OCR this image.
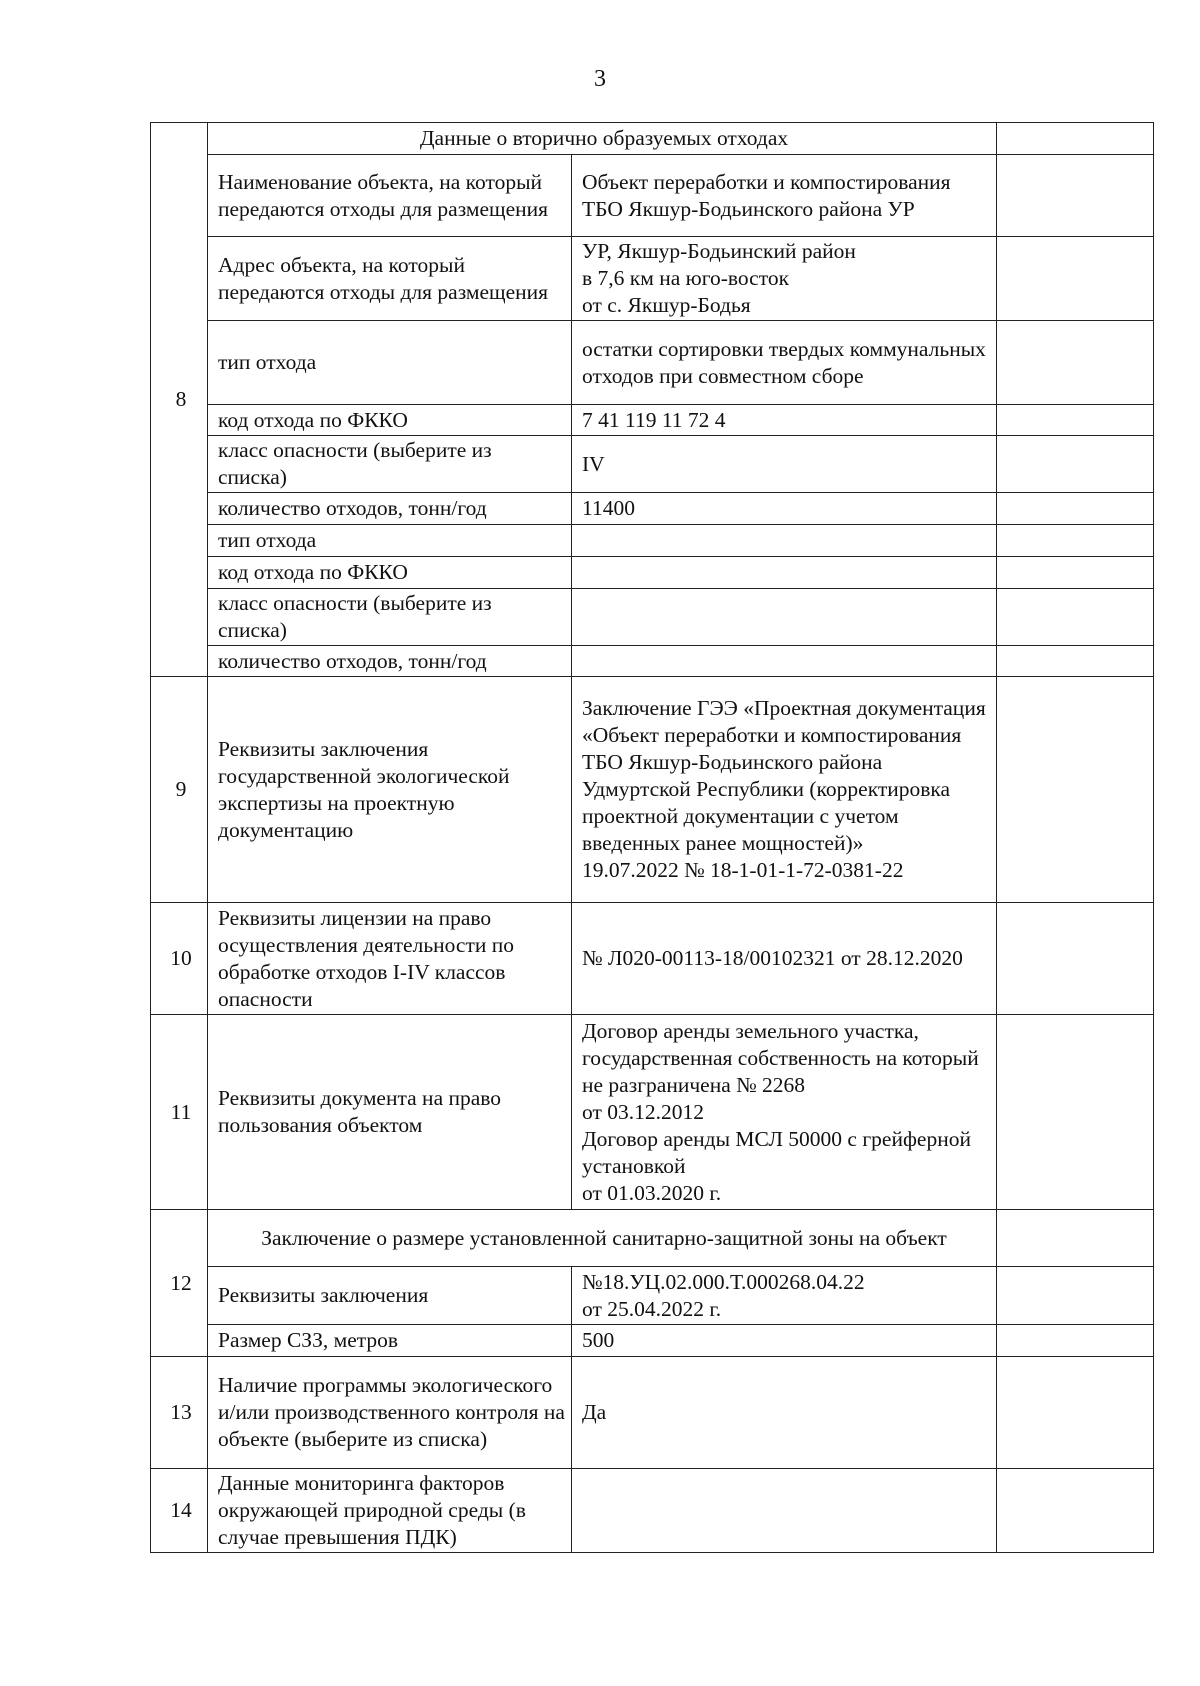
3
8	Данные о вторично образуемых отходах		
	Наименование объекта, на который передаются отходы для размещения	Объект переработки и компостирования ТБО Якшур-Бодьинского района УР	
	Адрес объекта, на который передаются отходы для размещения	УР, Якшур-Бодьинский район
в 7,6 км на юго-восток
от с. Якшур-Бодья	

	тип отхода	остатки сортировки твердых коммунальных отходов при совместном сборе	
	код отхода по ФККО	7 41 119 11 72 4	
	класс опасности (выберите из списка)	IV	
	количество отходов, тонн/год	11400	
	тип отхода		
	код отхода по ФККО		
	класс опасности (выберите из списка)		
	количество отходов, тонн/год		
9	Реквизиты заключения государственной экологической экспертизы на проектную документацию	Заключение ГЭЭ «Проектная документация «Объект переработки и компостирования ТБО Якшур-Бодьинского района Удмуртской Республики (корректировка проектной документации с учетом введенных ранее мощностей)»
19.07.2022 № 18-1-01-1-72-0381-22	

10	Реквизиты лицензии на право осуществления деятельности по обработке отходов I-IV классов опасности	№ Л020-00113-18/00102321 от 28.12.2020	
11	Реквизиты документа на право пользования объектом	Договор аренды земельного участка, государственная собственность на который не разграничена № 2268
от 03.12.2012
Договор аренды МСЛ 50000 с грейферной установкой
от 01.03.2020 г.	

12	Заключение о размере установленной санитарно-защитной зоны на объект		
	Реквизиты заключения	№18.УЦ.02.000.Т.000268.04.22
от 25.04.2022 г.	

	Размер СЗЗ, метров	500	
13	Наличие программы экологического и/или производственного контроля на объекте (выберите из списка)	Да	
14	Данные мониторинга факторов окружающей природной среды (в случае превышения ПДК)		
